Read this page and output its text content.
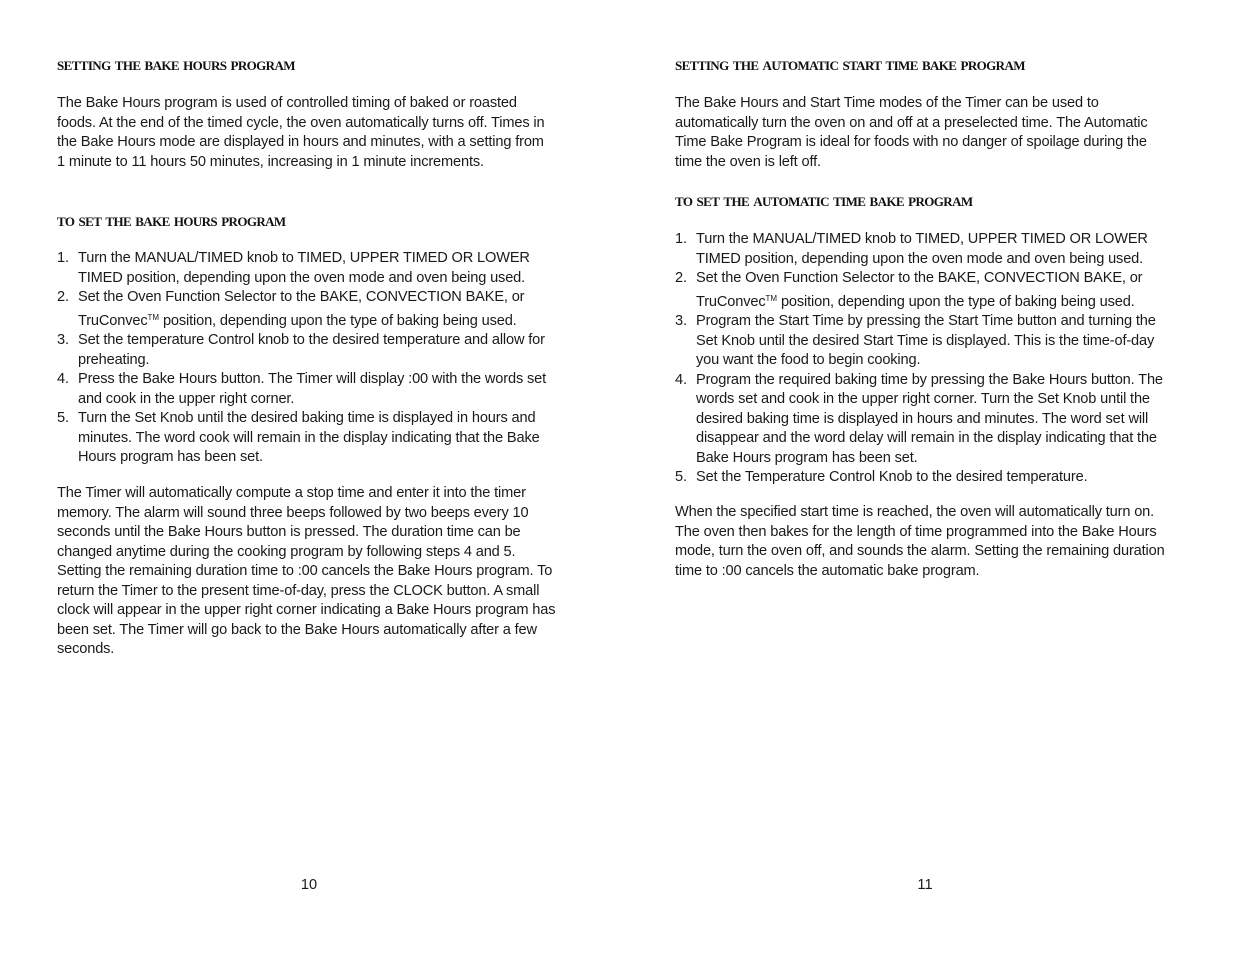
setting the bake hours program
The Bake Hours program is used of controlled timing of baked or roasted foods. At the end of the timed cycle, the oven automatically turns off. Times in the Bake Hours mode are displayed in hours and minutes, with a setting from 1 minute to 11 hours 50 minutes, increasing in 1 minute increments.
to set the bake hours program
1. Turn the MANUAL/TIMED knob to TIMED, UPPER TIMED OR LOWER TIMED position, depending upon the oven mode and oven being used.
2. Set the Oven Function Selector to the BAKE, CONVECTION BAKE, or TruConvec™ position, depending upon the type of baking being used.
3. Set the temperature Control knob to the desired temperature and allow for preheating.
4. Press the Bake Hours button. The Timer will display :00 with the words set and cook in the upper right corner.
5. Turn the Set Knob until the desired baking time is displayed in hours and minutes. The word cook will remain in the display indicating that the Bake Hours program has been set.
The Timer will automatically compute a stop time and enter it into the timer memory. The alarm will sound three beeps followed by two beeps every 10 seconds until the Bake Hours button is pressed. The duration time can be changed anytime during the cooking program by following steps 4 and 5. Setting the remaining duration time to :00 cancels the Bake Hours program. To return the Timer to the present time-of-day, press the CLOCK button. A small clock will appear in the upper right corner indicating a Bake Hours program has been set. The Timer will go back to the Bake Hours automatically after a few seconds.
10
setting the automatic start time bake program
The Bake Hours and Start Time modes of the Timer can be used to automatically turn the oven on and off at a preselected time. The Automatic Time Bake Program is ideal for foods with no danger of spoilage during the time the oven is left off.
to set the automatic time bake program
1. Turn the MANUAL/TIMED knob to TIMED, UPPER TIMED OR LOWER TIMED position, depending upon the oven mode and oven being used.
2. Set the Oven Function Selector to the BAKE, CONVECTION BAKE, or TruConvec™ position, depending upon the type of baking being used.
3. Program the Start Time by pressing the Start Time button and turning the Set Knob until the desired Start Time is displayed. This is the time-of-day you want the food to begin cooking.
4. Program the required baking time by pressing the Bake Hours button. The words set and cook in the upper right corner. Turn the Set Knob until the desired baking time is displayed in hours and minutes. The word set will disappear and the word delay will remain in the display indicating that the Bake Hours program has been set.
5. Set the Temperature Control Knob to the desired temperature.
When the specified start time is reached, the oven will automatically turn on. The oven then bakes for the length of time programmed into the Bake Hours mode, turn the oven off, and sounds the alarm. Setting the remaining duration time to :00 cancels the automatic bake program.
11
